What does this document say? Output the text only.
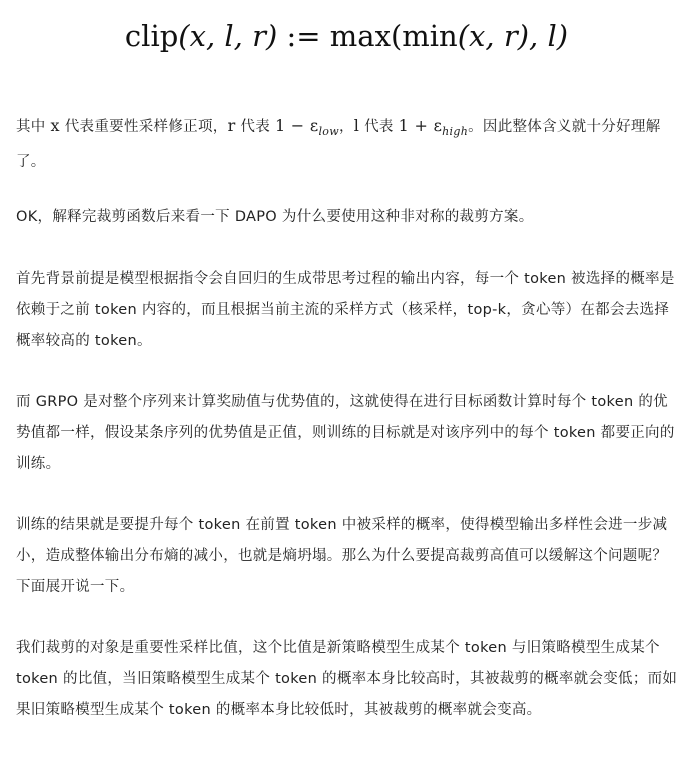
clip(x, l, r) := max(min(x, r), l)

其中 x 代表重要性采样修正项，r 代表 $1 - \varepsilon_{low}$，l 代表 $1 + \varepsilon_{high}$。因此整体含义就十分好理解了。

OK，解释完裁剪函数后来看一下 DAPO 为什么要使用这种非对称的裁剪方案。

首先背景前提是模型根据指令会自回归的生成带思考过程的输出内容，每一个 token 被选择的概率是依赖于之前 token 内容的，而且根据当前主流的采样方式（核采样，top-k，贪心等）在都会去选择概率较高的 token。

而 GRPO 是对整个序列来计算奖励值与优势值的，这就使得在进行目标函数计算时每个 token 的优势值都一样，假设某条序列的优势值是正值，则训练的目标就是对该序列中的每个 token 都要正向的训练。

训练的结果就是要提升每个 token 在前置 token 中被采样的概率，使得模型输出多样性会进一步减小，造成整体输出分布熵的减小，也就是熵坍塌。那么为什么要提高裁剪高值可以缓解这个问题呢？下面展开说一下。

我们裁剪的对象是重要性采样比值，这个比值是新策略模型生成某个 token 与旧策略模型生成某个 token 的比值，当旧策略模型生成某个 token 的概率本身比较高时，其被裁剪的概率就会变低；而如果旧策略模型生成某个 token 的概率本身比较低时，其被裁剪的概率就会变高。
